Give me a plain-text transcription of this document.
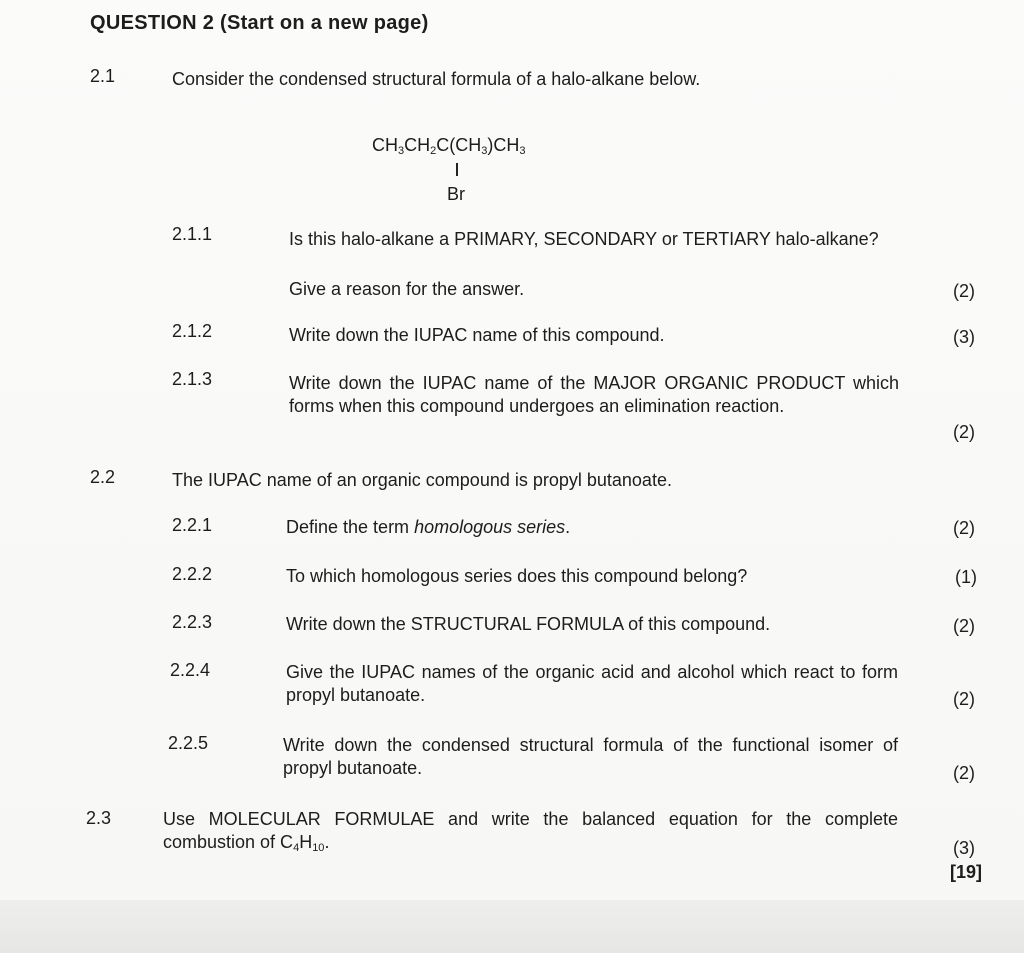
QUESTION 2 (Start on a new page)
2.1	Consider the condensed structural formula of a halo-alkane below.
$CH_3CH_2C(CH_3)CH_3$
Br
2.1.1	Is this halo-alkane a PRIMARY, SECONDARY or TERTIARY halo-alkane?
Give a reason for the answer.	(2)
2.1.2	Write down the IUPAC name of this compound.	(3)
2.1.3	Write down the IUPAC name of the MAJOR ORGANIC PRODUCT which forms when this compound undergoes an elimination reaction.
(2)
2.2	The IUPAC name of an organic compound is propyl butanoate.
2.2.1	Define the term homologous series.	(2)
2.2.2	To which homologous series does this compound belong?	(1)
2.2.3	Write down the STRUCTURAL FORMULA of this compound.	(2)
2.2.4	Give the IUPAC names of the organic acid and alcohol which react to form propyl butanoate.	(2)
2.2.5	Write down the condensed structural formula of the functional isomer of propyl butanoate.	(2)
2.3	Use MOLECULAR FORMULAE and write the balanced equation for the complete combustion of $C_4H_{10}$.	(3)
[19]
